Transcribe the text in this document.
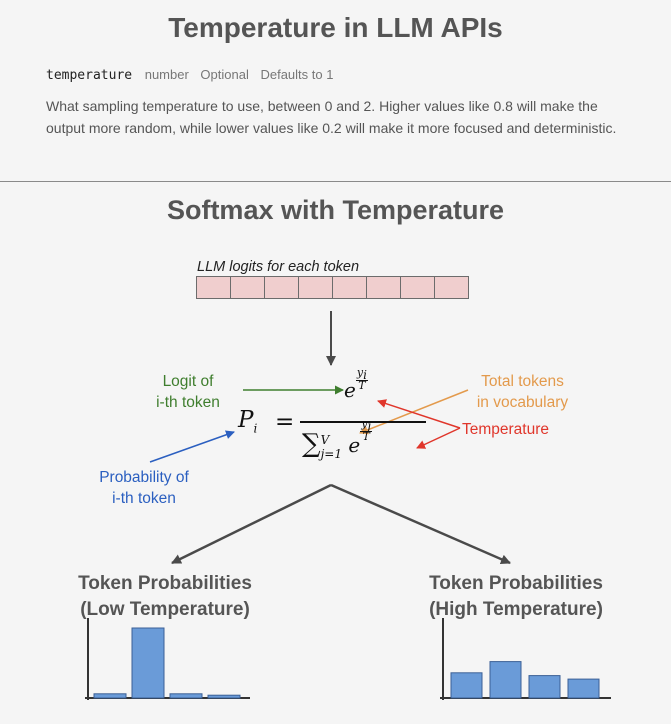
Temperature in LLM APIs
temperature number Optional Defaults to 1

What sampling temperature to use, between 0 and 2. Higher values like 0.8 will make the output more random, while lower values like 0.2 will make it more focused and deterministic.

Softmax with Temperature
LLM logits for each token
Logit of
i-th token
Total tokens
in vocabulary
Temperature
Probability of
i-th token
$P_i$ =
e $\frac{y_i}{T}$
∑ V
j=1 e
$\frac{y_j}{T}$
Token Probabilities
(Low Temperature)
Token Probabilities
(High Temperature)
